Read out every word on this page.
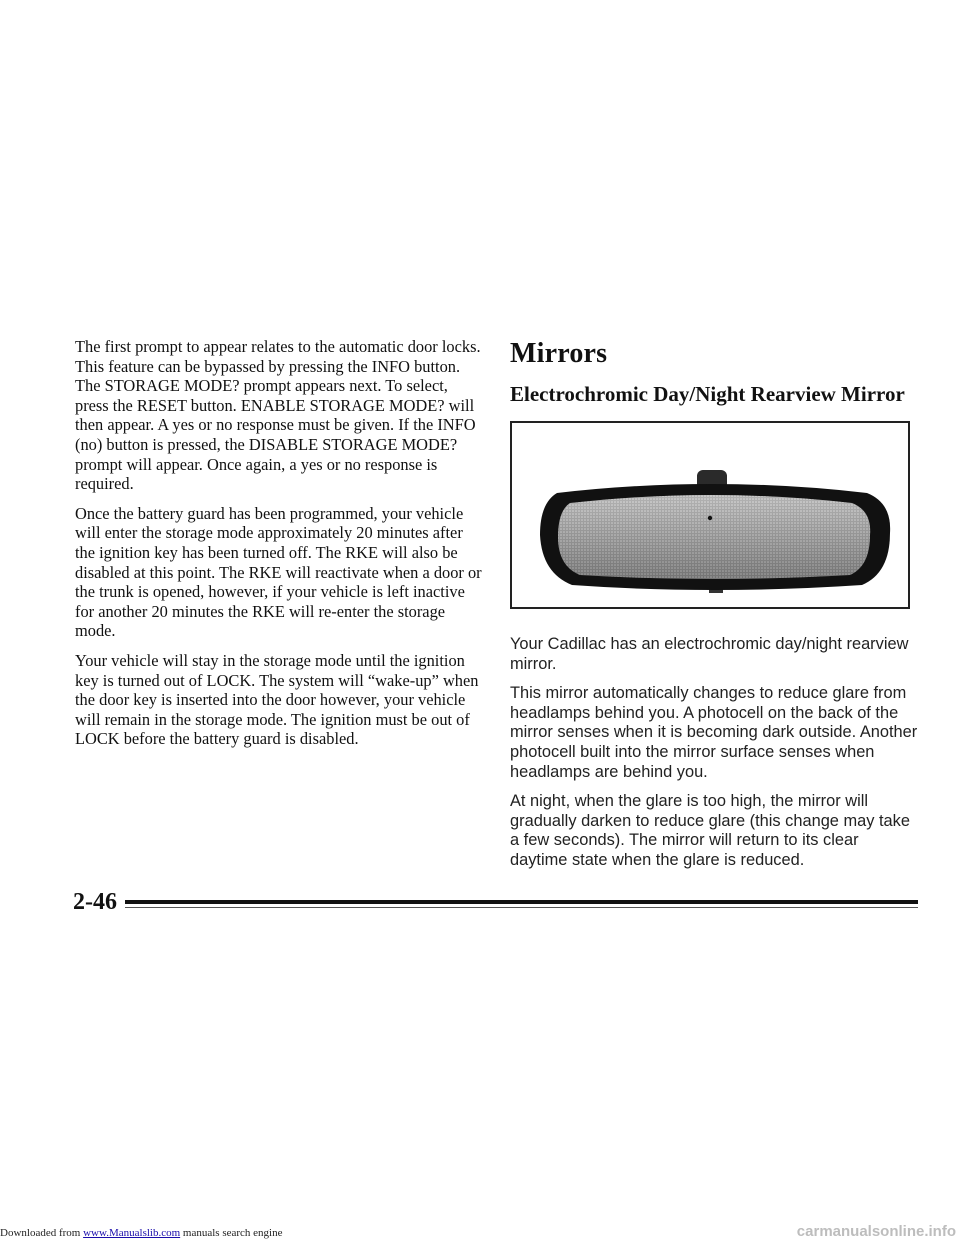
The first prompt to appear relates to the automatic door locks. This feature can be bypassed by pressing the INFO button. The STORAGE MODE? prompt appears next. To select, press the RESET button. ENABLE STORAGE MODE? will then appear. A yes or no response must be given. If the INFO (no) button is pressed, the DISABLE STORAGE MODE? prompt will appear. Once again, a yes or no response is required.

Once the battery guard has been programmed, your vehicle will enter the storage mode approximately 20 minutes after the ignition key has been turned off. The RKE will also be disabled at this point. The RKE will reactivate when a door or the trunk is opened, however, if your vehicle is left inactive for another 20 minutes the RKE will re-enter the storage mode.

Your vehicle will stay in the storage mode until the ignition key is turned out of LOCK. The system will “wake-up” when the door key is inserted into the door however, your vehicle will remain in the storage mode. The ignition must be out of LOCK before the battery guard is disabled.

Mirrors
Electrochromic Day/Night Rearview Mirror

Your Cadillac has an electrochromic day/night rearview mirror.

This mirror automatically changes to reduce glare from headlamps behind you. A photocell on the back of the mirror senses when it is becoming dark outside. Another photocell built into the mirror surface senses when headlamps are behind you.

At night, when the glare is too high, the mirror will gradually darken to reduce glare (this change may take a few seconds). The mirror will return to its clear daytime state when the glare is reduced.

2-46
Downloaded from www.Manualslib.com manuals search engine	carmanualsonline.info
